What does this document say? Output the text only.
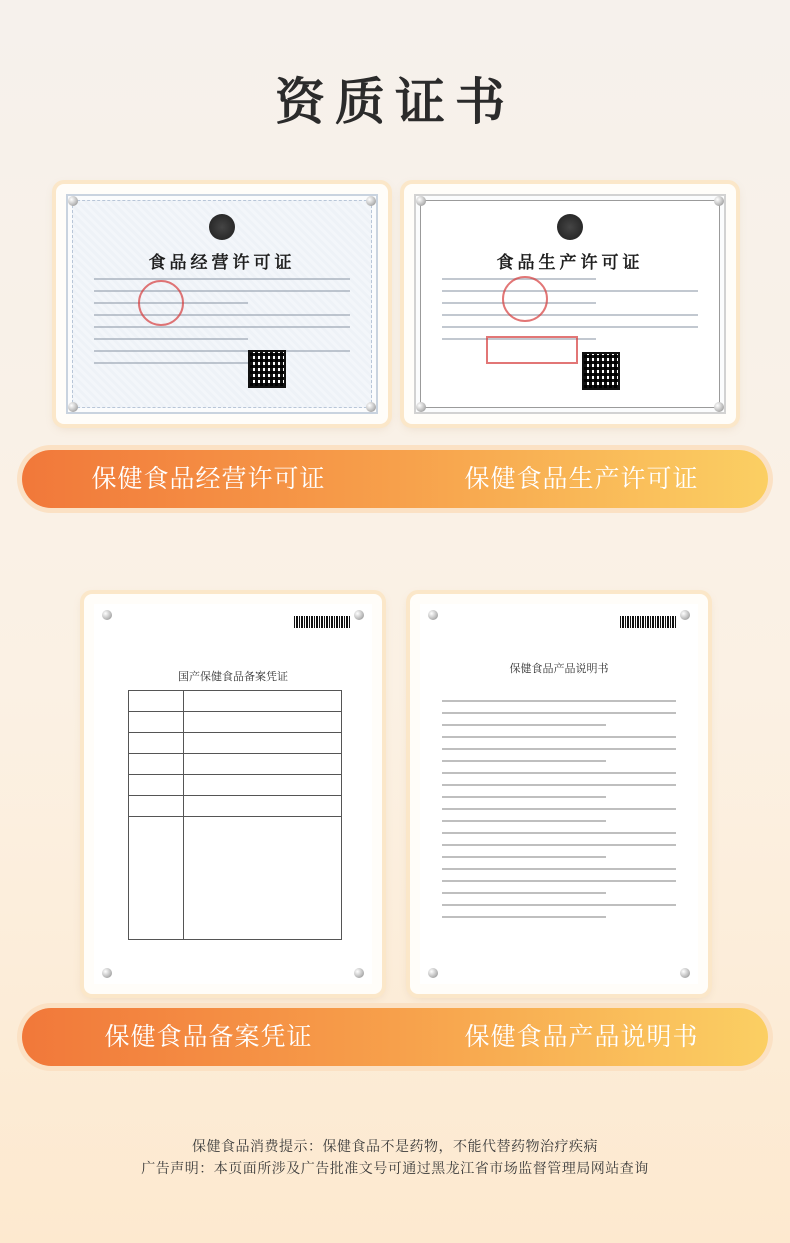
资质证书
食品经营许可证	食品生产许可证
保健食品经营许可证	保健食品生产许可证
国产保健食品备案凭证

保健食品产品说明书
保健食品备案凭证	保健食品产品说明书
保健食品消费提示：保健食品不是药物，不能代替药物治疗疾病
广告声明：本页面所涉及广告批准文号可通过黑龙江省市场监督管理局网站查询
